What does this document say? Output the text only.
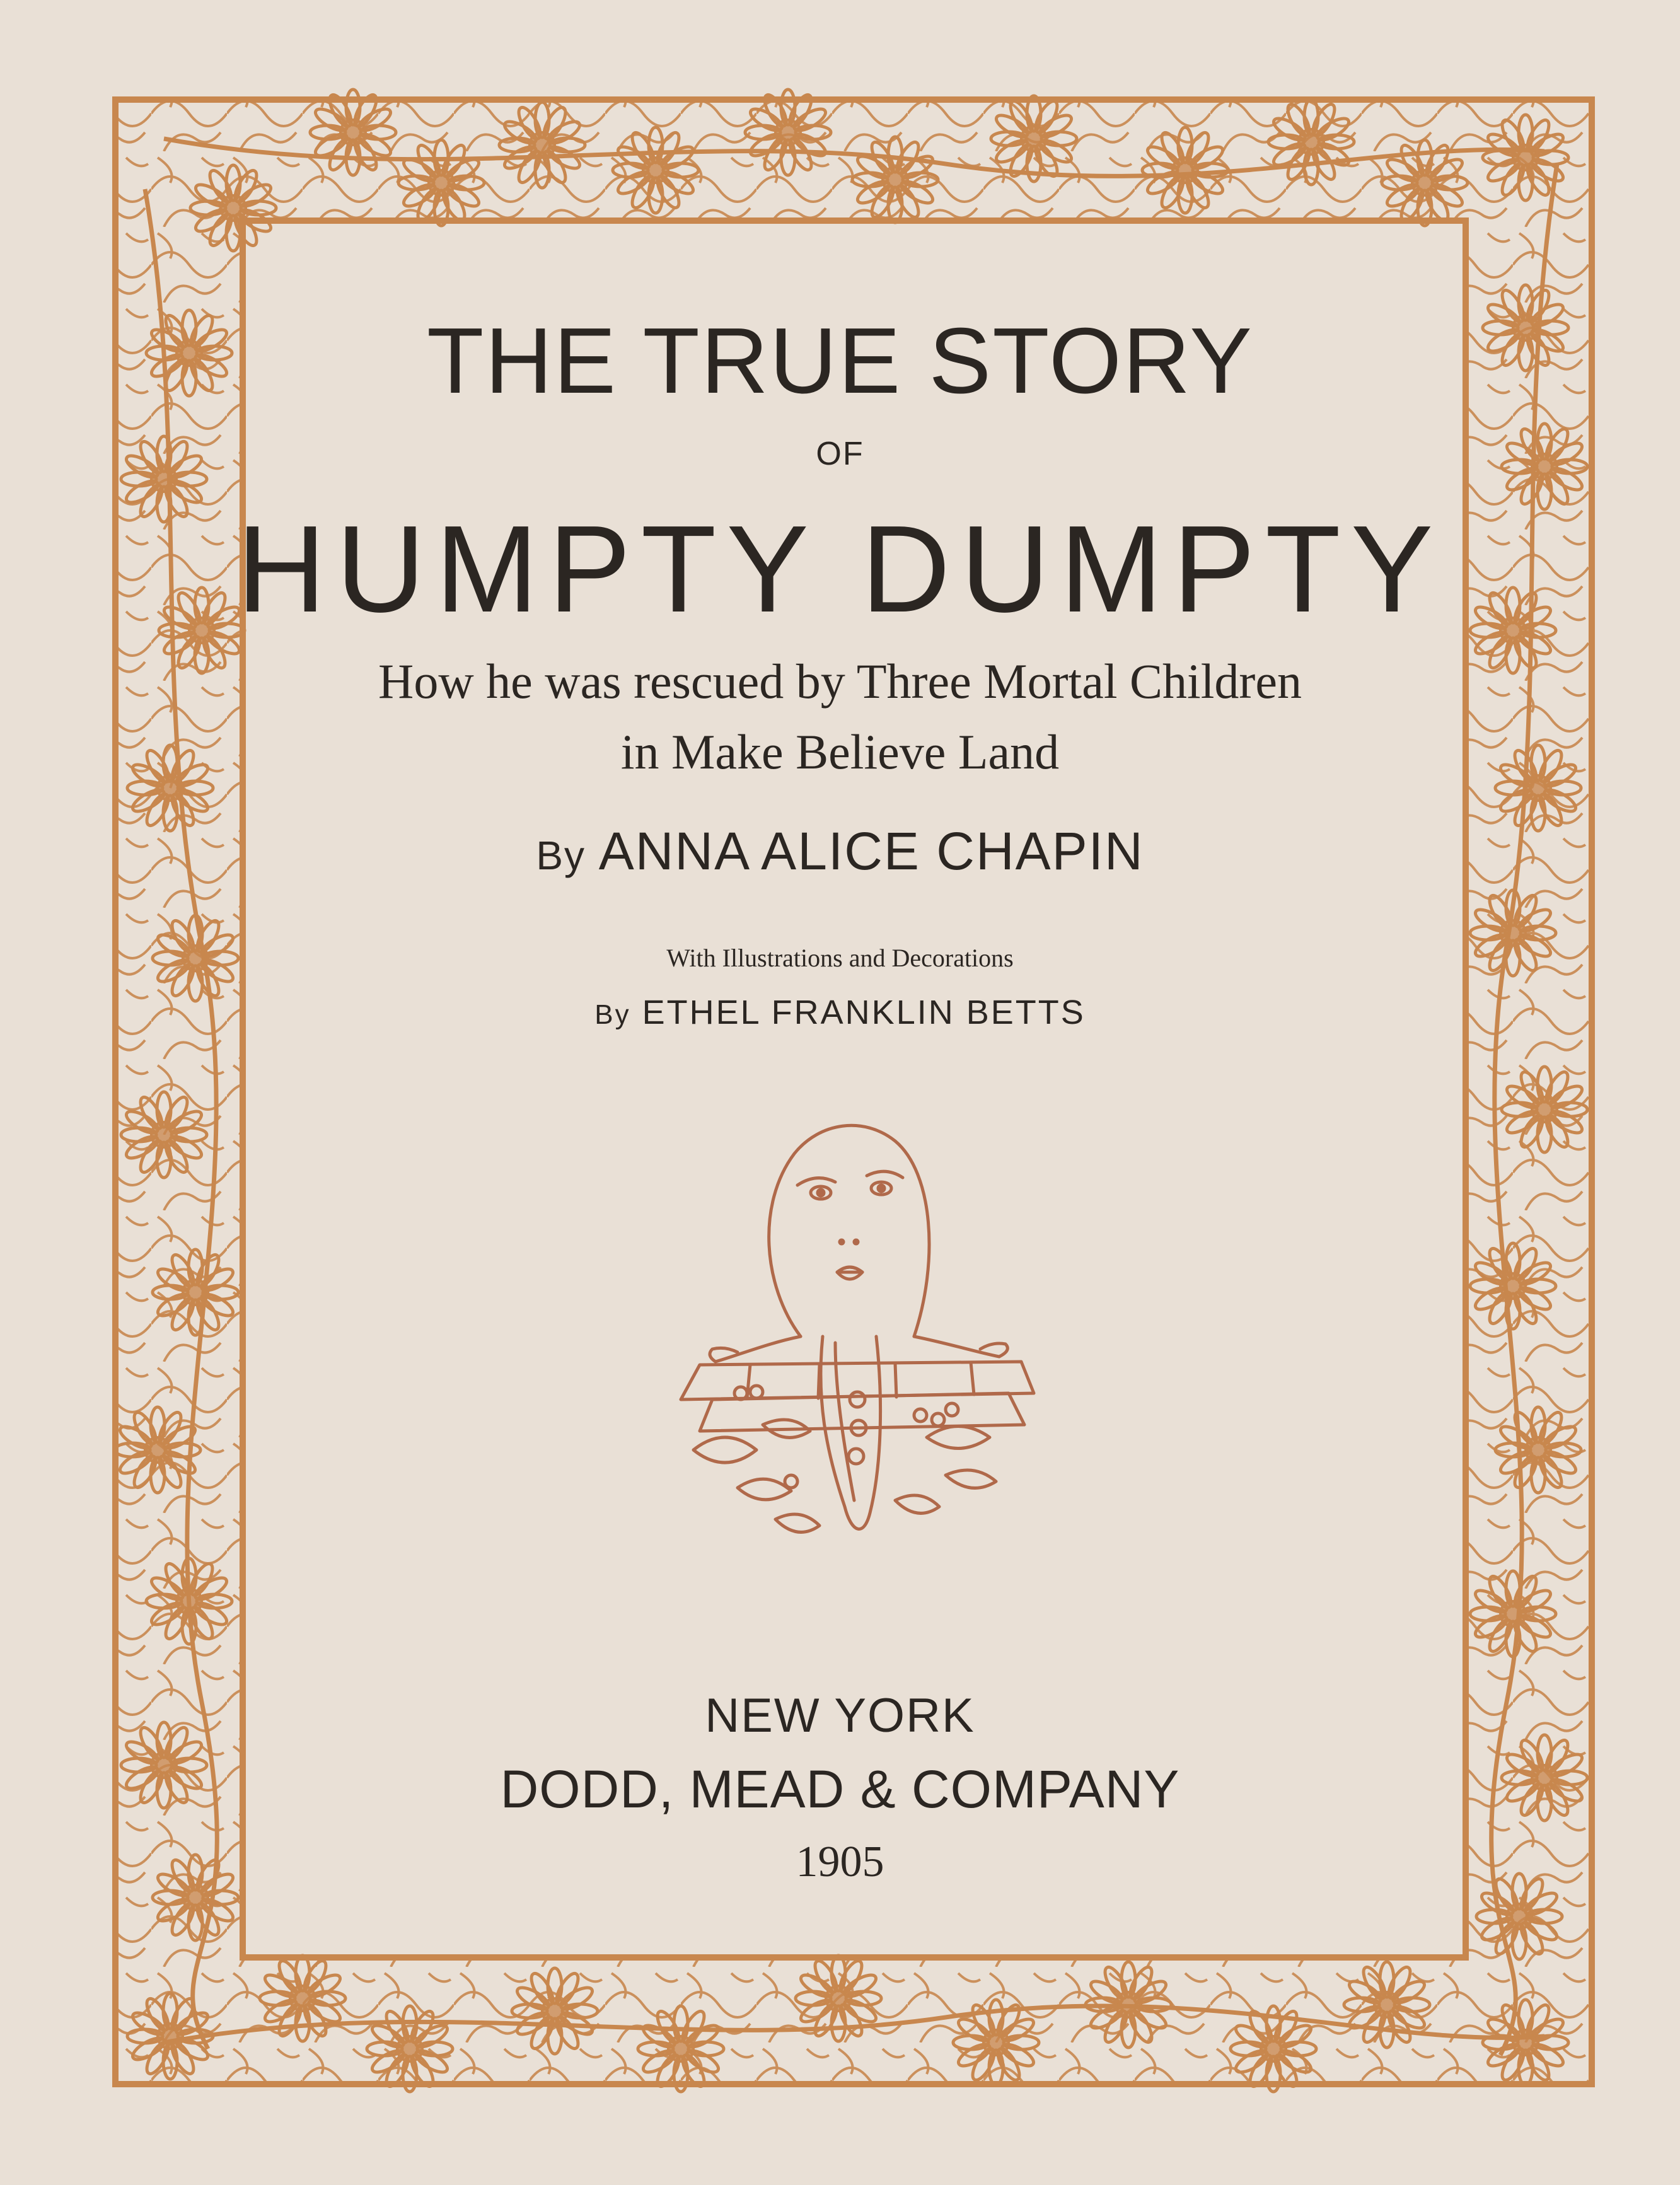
THE TRUE STORY
OF
HUMPTY DUMPTY
How he was rescued by Three Mortal Children
in Make Believe Land
By ANNA ALICE CHAPIN
With Illustrations and Decorations
By ETHEL FRANKLIN BETTS
NEW YORK
DODD, MEAD & COMPANY
1905
